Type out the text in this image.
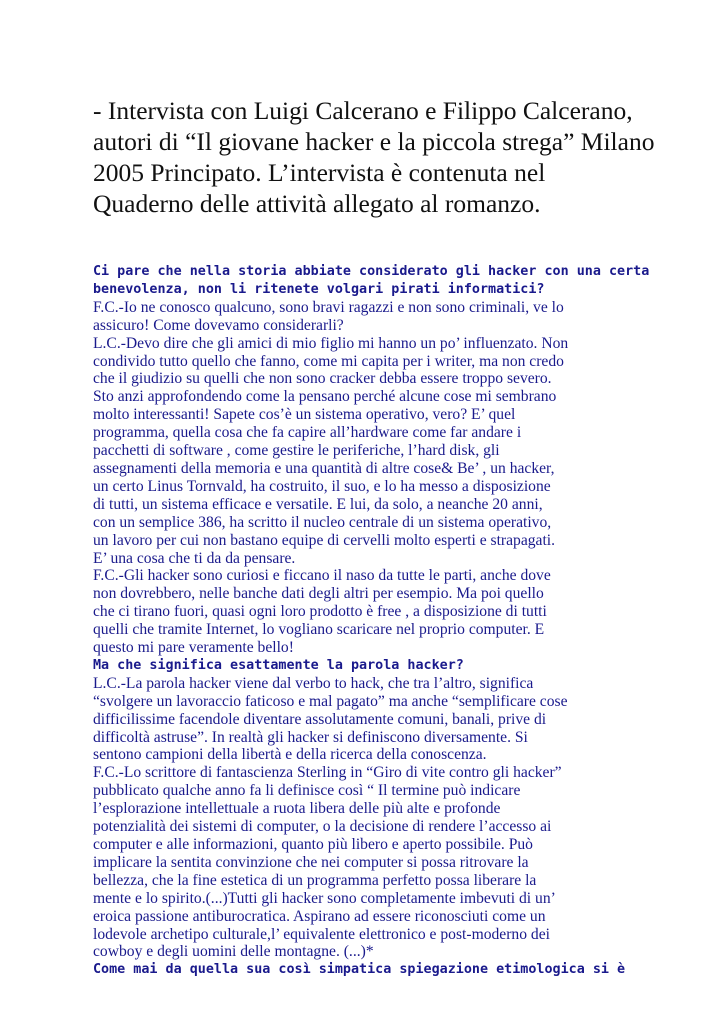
- Intervista con Luigi Calcerano e Filippo Calcerano,
autori di “Il giovane hacker e la piccola strega” Milano
2005 Principato. L’intervista è contenuta nel
Quaderno delle attività allegato al romanzo.
Ci pare che nella storia abbiate considerato gli hacker con una certa
benevolenza, non li ritenete volgari pirati informatici?
F.C.-Io ne conosco qualcuno, sono bravi ragazzi e non sono criminali, ve lo
assicuro! Come dovevamo considerarli?
L.C.-Devo dire che gli amici di mio figlio mi hanno un po’ influenzato. Non
condivido tutto quello che fanno, come mi capita per i writer, ma non credo
che il giudizio su quelli che non sono cracker debba essere troppo severo.
Sto anzi approfondendo come la pensano perché alcune cose mi sembrano
molto interessanti! Sapete cos’è un sistema operativo, vero? E’ quel
programma, quella cosa che fa capire all’hardware come far andare i
pacchetti di software , come gestire le periferiche, l’hard disk, gli
assegnamenti della memoria e una quantità di altre cose& Be’ , un hacker,
un certo Linus Tornvald, ha costruito, il suo, e lo ha messo a disposizione
di tutti, un sistema efficace e versatile. E lui, da solo, a neanche 20 anni,
con un semplice 386, ha scritto il nucleo centrale di un sistema operativo,
un lavoro per cui non bastano equipe di cervelli molto esperti e strapagati.
E’ una cosa che ti da da pensare.
F.C.-Gli hacker sono curiosi e ficcano il naso da tutte le parti, anche dove
non dovrebbero, nelle banche dati degli altri per esempio. Ma poi quello
che ci tirano fuori, quasi ogni loro prodotto è free , a disposizione di tutti
quelli che tramite Internet, lo vogliano scaricare nel proprio computer. E
questo mi pare veramente bello!
Ma che significa esattamente la parola hacker?
L.C.-La parola hacker viene dal verbo to hack, che tra l’altro, significa
“svolgere un lavoraccio faticoso e mal pagato” ma anche “semplificare cose
difficilissime facendole diventare assolutamente comuni, banali, prive di
difficoltà astruse”. In realtà gli hacker si definiscono diversamente. Si
sentono campioni della libertà e della ricerca della conoscenza.
F.C.-Lo scrittore di fantascienza Sterling in “Giro di vite contro gli hacker”
pubblicato qualche anno fa li definisce così “ Il termine può indicare
l’esplorazione intellettuale a ruota libera delle più alte e profonde
potenzialità dei sistemi di computer, o la decisione di rendere l’accesso ai
computer e alle informazioni, quanto più libero e aperto possibile. Può
implicare la sentita convinzione che nei computer si possa ritrovare la
bellezza, che la fine estetica di un programma perfetto possa liberare la
mente e lo spirito.(...)Tutti gli hacker sono completamente imbevuti di un’
eroica passione antiburocratica. Aspirano ad essere riconosciuti come un
lodevole archetipo culturale,l’ equivalente elettronico e post-moderno dei
cowboy e degli uomini delle montagne. (...)*
Come mai da quella sua così simpatica spiegazione etimologica si è
